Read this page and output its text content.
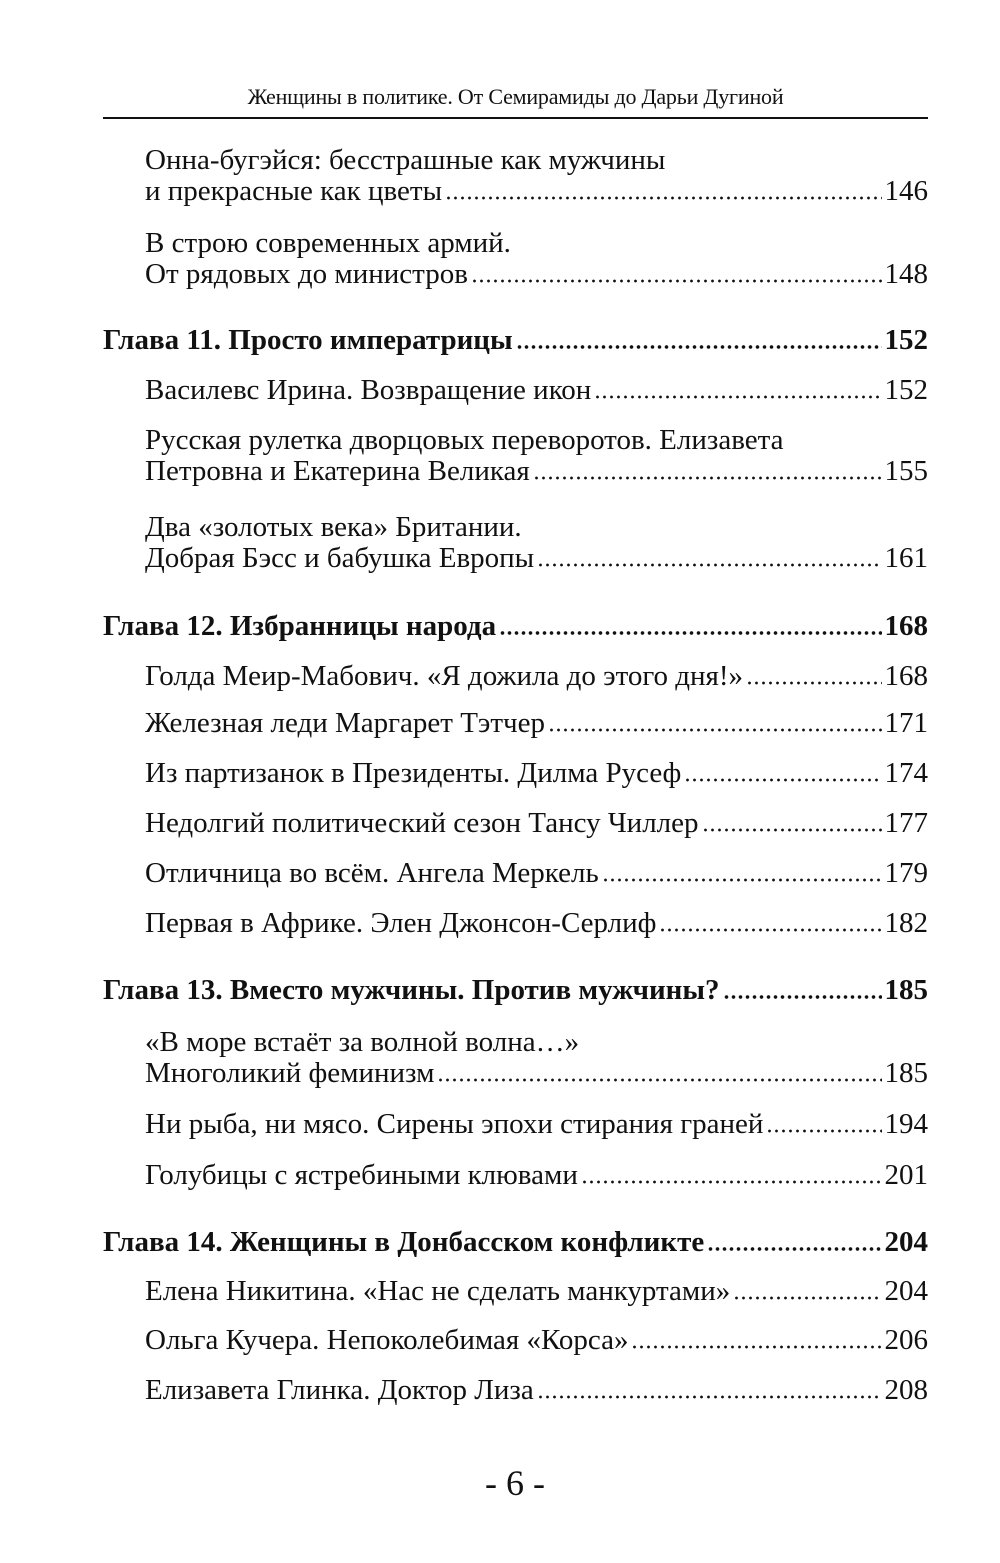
Женщины в политике. От Семирамиды до Дарьи Дугиной
Онна-бугэйся: бесстрашные как мужчины
и прекрасные как цветы	146
В строю современных армий.
От рядовых до министров	148
Глава 11. Просто императрицы	152
Василевс Ирина. Возвращение икон	152
Русская рулетка дворцовых переворотов. Елизавета
Петровна и Екатерина Великая	155
Два «золотых века» Британии.
Добрая Бэсс и бабушка Европы	161
Глава 12. Избранницы народа	168
Голда Меир-Мабович. «Я дожила до этого дня!»	168
Железная леди Маргарет Тэтчер	171
Из партизанок в Президенты. Дилма Русеф	174
Недолгий политический сезон Тансу Чиллер	177
Отличница во всём. Ангела Меркель	179
Первая в Африке. Элен Джонсон-Серлиф	182
Глава 13. Вместо мужчины. Против мужчины?	185
«В море встаёт за волной волна…»
Многоликий феминизм	185
Ни рыба, ни мясо. Сирены эпохи стирания граней	194
Голубицы с ястребиными клювами	201
Глава 14. Женщины в Донбасском конфликте	204
Елена Никитина. «Нас не сделать манкуртами»	204
Ольга Кучера. Непоколебимая «Корса»	206
Елизавета Глинка. Доктор Лиза	208
- 6 -
